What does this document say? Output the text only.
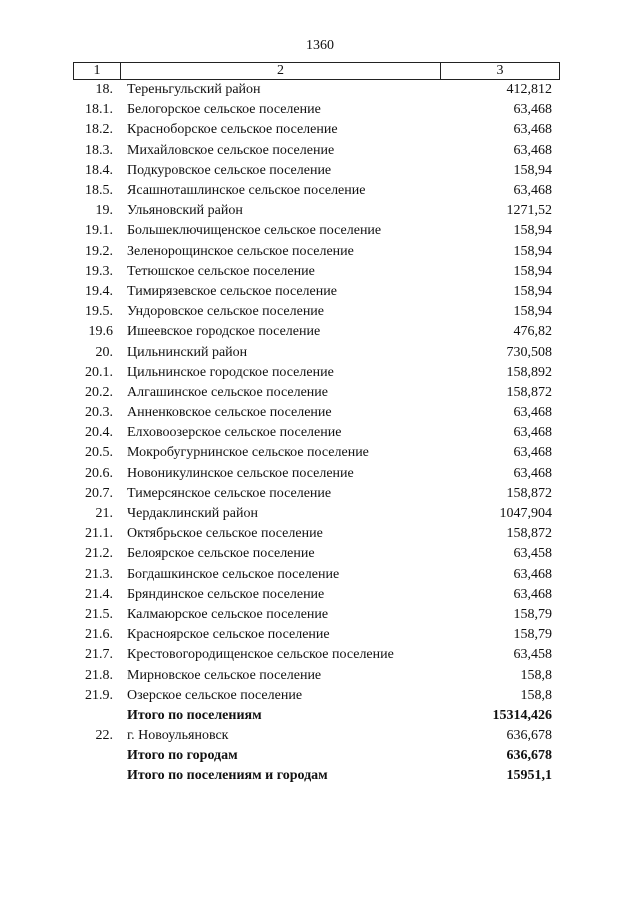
1360
1	2	3
18.	Тереньгульский район	412,812
18.1.	Белогорское сельское поселение	63,468
18.2.	Красноборское сельское поселение	63,468
18.3.	Михайловское сельское поселение	63,468
18.4.	Подкуровское сельское поселение	158,94
18.5.	Ясашноташлинское сельское поселение	63,468
19.	Ульяновский район	1271,52
19.1.	Большеключищенское сельское поселение	158,94
19.2.	Зеленорощинское сельское поселение	158,94
19.3.	Тетюшское сельское поселение	158,94
19.4.	Тимирязевское сельское поселение	158,94
19.5.	Ундоровское сельское поселение	158,94
19.6	Ишеевское городское поселение	476,82
20.	Цильнинский район	730,508
20.1.	Цильнинское городское поселение	158,892
20.2.	Алгашинское сельское поселение	158,872
20.3.	Анненковское сельское поселение	63,468
20.4.	Елховоозерское сельское поселение	63,468
20.5.	Мокробугурнинское сельское поселение	63,468
20.6.	Новоникулинское сельское поселение	63,468
20.7.	Тимерсянское сельское поселение	158,872
21.	Чердаклинский район	1047,904
21.1.	Октябрьское сельское поселение	158,872
21.2.	Белоярское сельское поселение	63,458
21.3.	Богдашкинское сельское поселение	63,468
21.4.	Бряндинское сельское поселение	63,468
21.5.	Калмаюрское сельское поселение	158,79
21.6.	Красноярское сельское поселение	158,79
21.7.	Крестовогородищенское сельское поселение	63,458
21.8.	Мирновское сельское поселение	158,8
21.9.	Озерское сельское поселение	158,8
Итого по поселениям	15314,426
22.	г. Новоульяновск	636,678
Итого по городам	636,678
Итого по поселениям и городам	15951,1
